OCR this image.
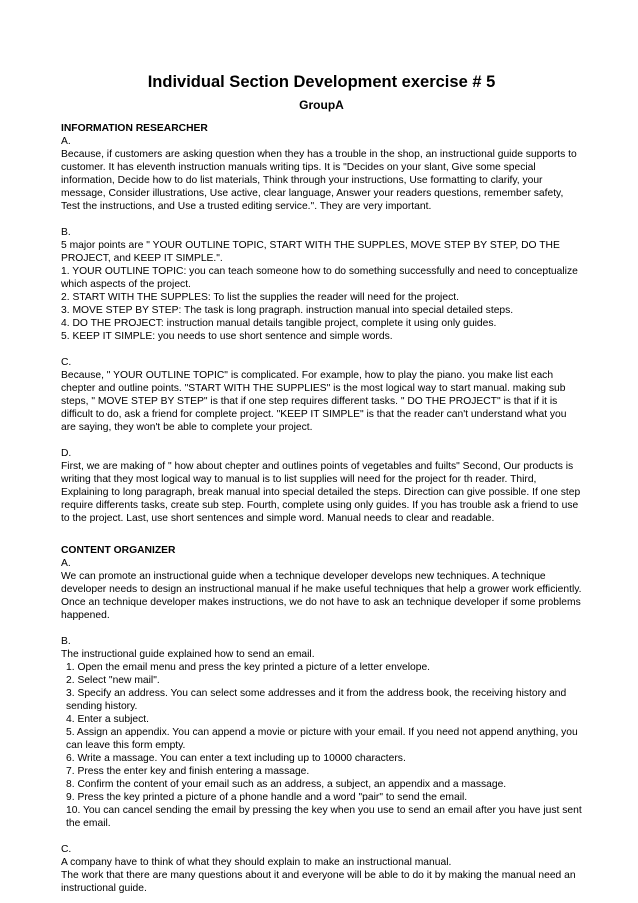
Individual Section Development exercise # 5
GroupA

INFORMATION RESEARCHER

A.

Because, if customers are asking question when they has a trouble in the shop, an instructional guide supports to customer. It has eleventh instruction manuals writing tips. It is "Decides on your slant, Give some special information, Decide how to do list materials, Think through your instructions, Use formatting to clarify, your message, Consider illustrations, Use active, clear language, Answer your readers questions, remember safety, Test the instructions, and Use a trusted editing service.". They are very important.

B.

5 major points are " YOUR OUTLINE TOPIC, START WITH THE SUPPLES, MOVE STEP BY STEP, DO THE PROJECT, and KEEP IT SIMPLE.".

1. YOUR OUTLINE TOPIC: you can teach someone how to do something successfully and need to conceptualize which aspects of the project.

2. START WITH THE SUPPLES: To list the supplies the reader will need for the project.

3. MOVE STEP BY STEP: The task is long pragraph. instruction manual into special detailed steps.

4. DO THE PROJECT: instruction manual details tangible project, complete it using only guides.

5. KEEP IT SIMPLE: you needs to use short sentence and simple words.

C.

Because, " YOUR OUTLINE TOPIC" is complicated. For example, how to play the piano. you make list each chepter and outline points. "START WITH THE SUPPLIES" is the most logical way to start manual. making sub steps, " MOVE STEP BY STEP" is that if one step requires different tasks. " DO THE PROJECT" is that if it is difficult to do, ask a friend for complete project. "KEEP IT SIMPLE" is that the reader can't understand what you are saying, they won't be able to complete your project.

D.

First, we are making of " how about chepter and outlines points of vegetables and fuilts" Second, Our products is writing that they most logical way to manual is to list supplies will need for the project for th reader. Third, Explaining to long paragraph, break manual into special detailed the steps. Direction can give possible. If one step require differents tasks, create sub step. Fourth, complete using only guides. If you has trouble ask a friend to use to the project. Last, use short sentences and simple word. Manual needs to clear and readable.

CONTENT ORGANIZER

A.

We can promote an instructional guide when a technique developer develops new techniques. A technique developer needs to design an instructional manual if he make useful techniques that help a grower work efficiently. Once an technique developer makes instructions, we do not have to ask an technique developer if some problems happened.

B.

The instructional guide explained how to send an email.

1. Open the email menu and press the key printed a picture of a letter envelope.

2. Select "new mail".

3. Specify an address. You can select some addresses and it from the address book, the receiving history and sending history.

4. Enter a subject.

5. Assign an appendix. You can append a movie or picture with your email. If you need not append anything, you can leave this form empty.

6. Write a massage. You can enter a text including up to 10000 characters.

7. Press the enter key and finish entering a massage.

8. Confirm the content of your email such as an address, a subject, an appendix and a massage.

9. Press the key printed a picture of a phone handle and a word "pair" to send the email.

10. You can cancel sending the email by pressing the key when you use to send an email after you have just sent the email.

C.

A company have to think of what they should explain to make an instructional manual.

The work that there are many questions about it and everyone will be able to do it by making the manual need an instructional guide.
